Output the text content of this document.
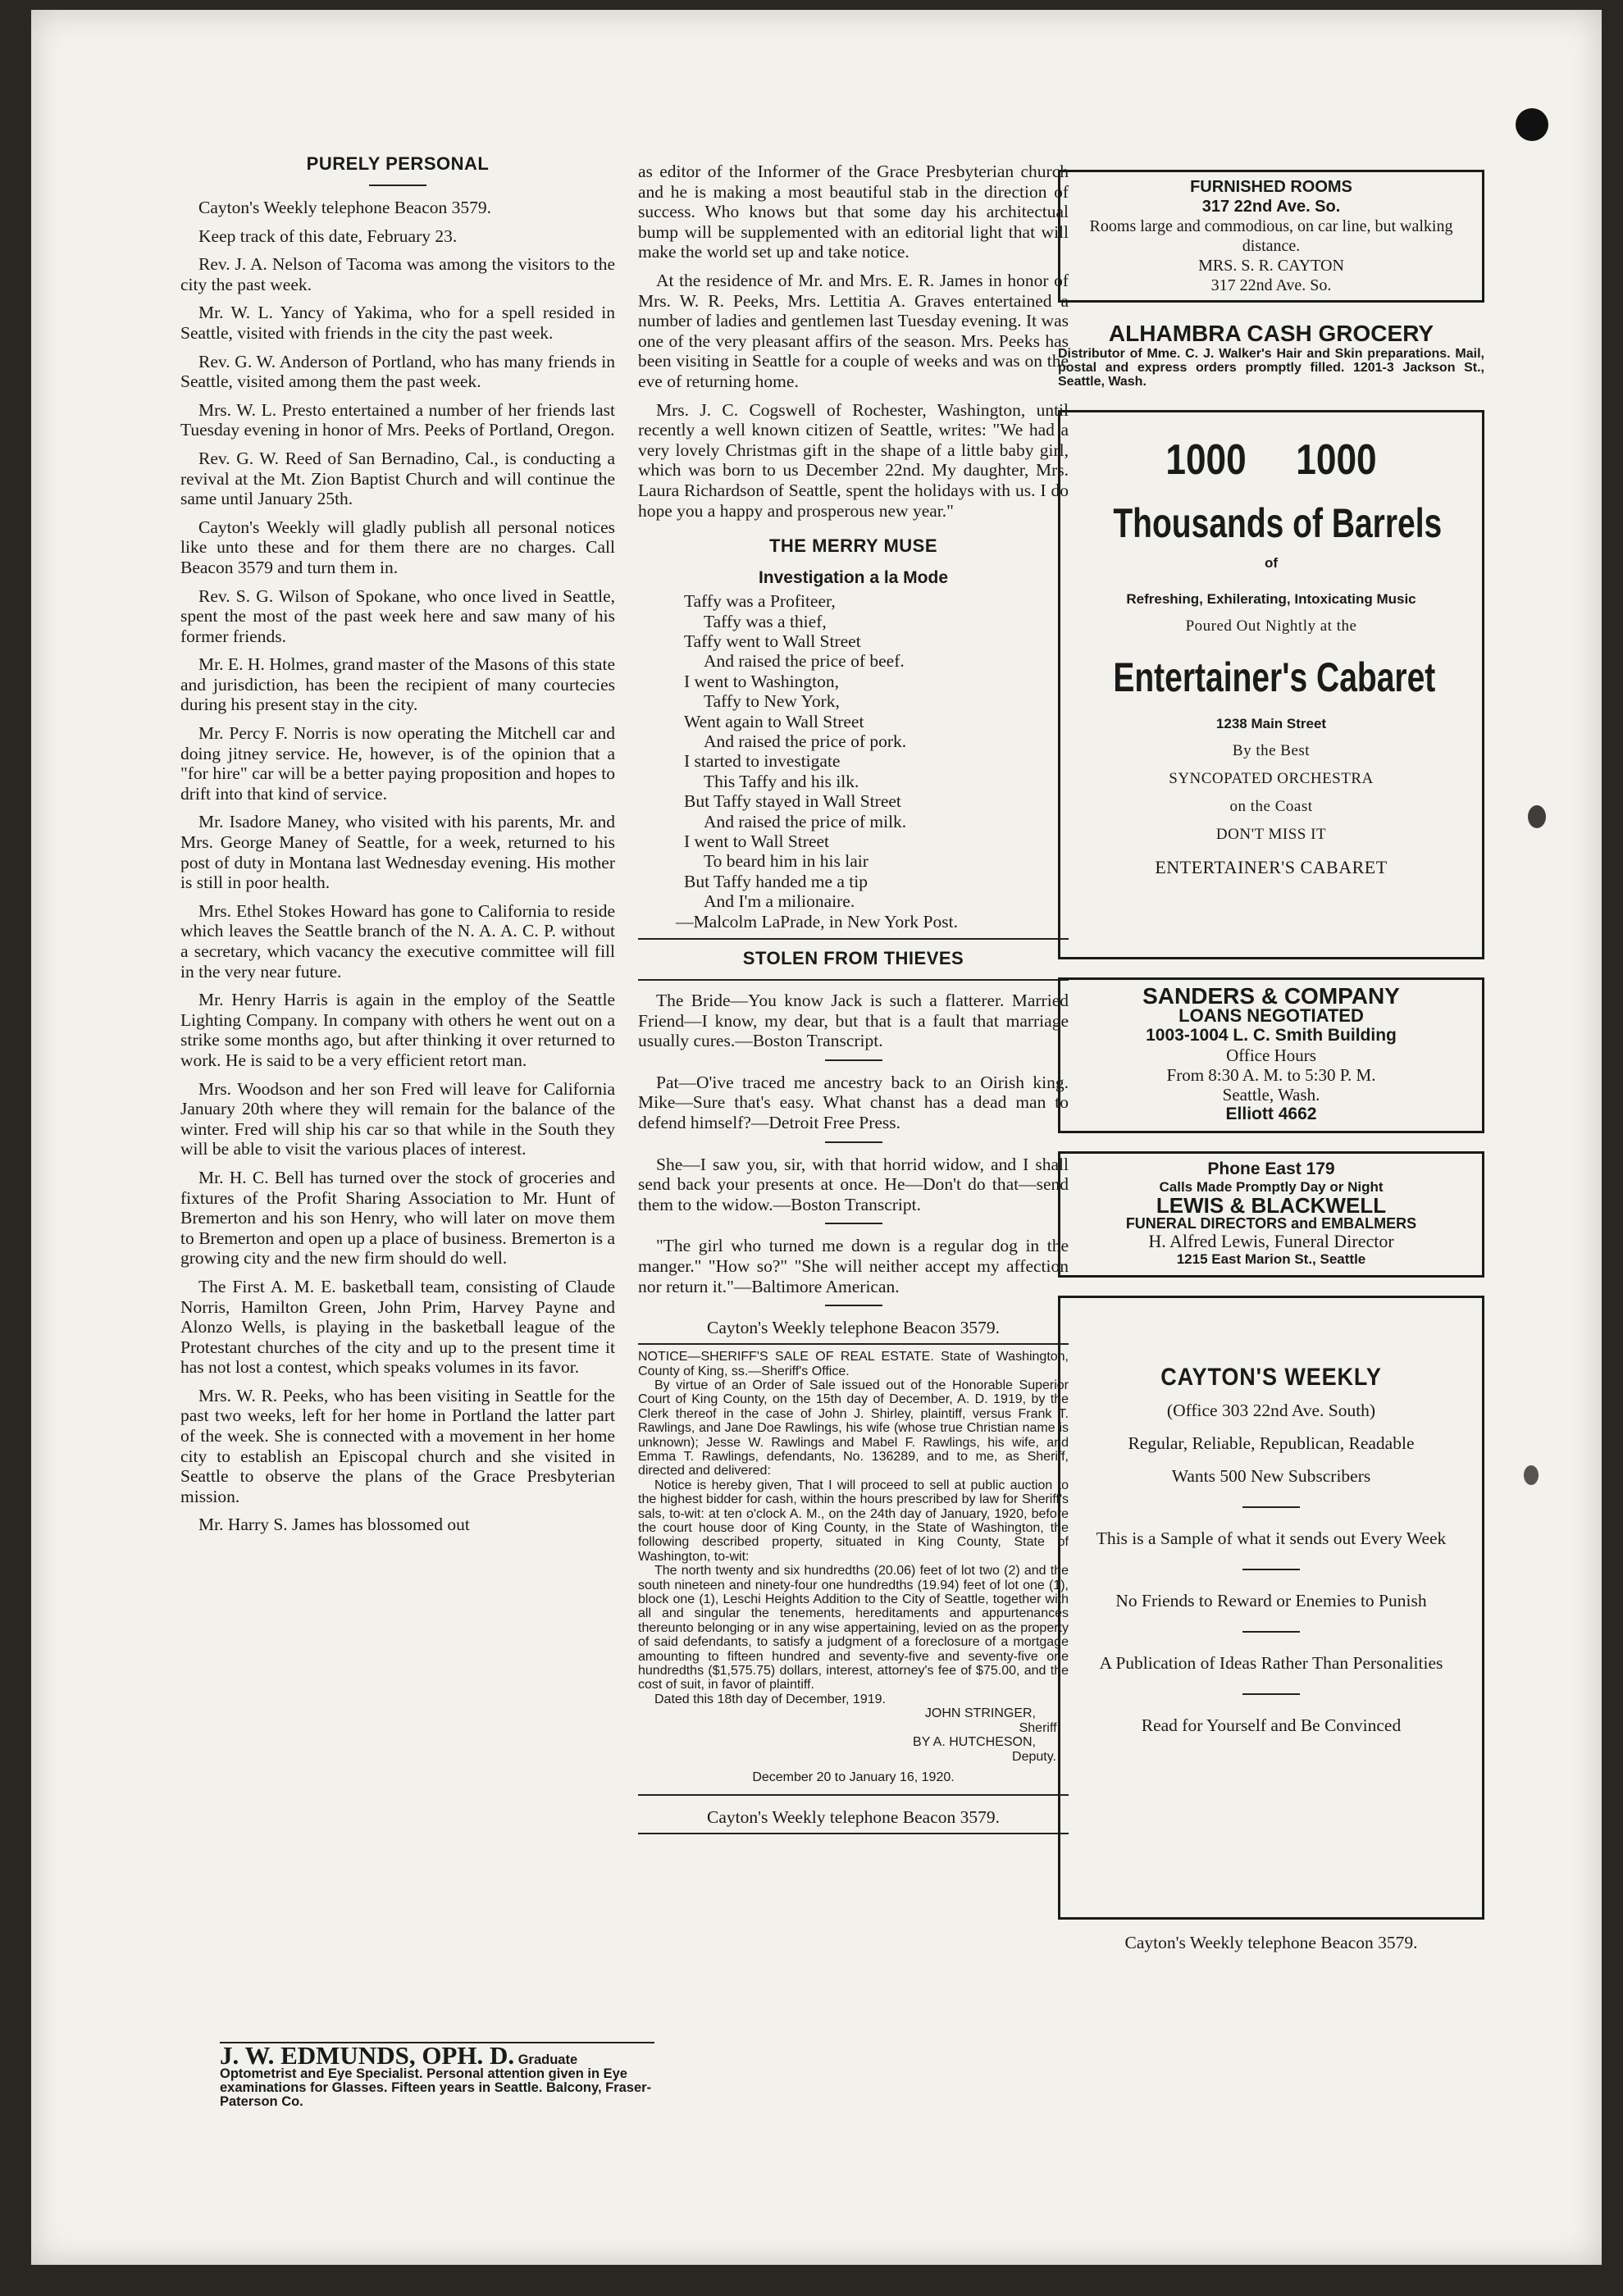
PURELY PERSONAL

Cayton's Weekly telephone Beacon 3579.

Keep track of this date, February 23.

Rev. J. A. Nelson of Tacoma was among the visitors to the city the past week.

Mr. W. L. Yancy of Yakima, who for a spell resided in Seattle, visited with friends in the city the past week.

Rev. G. W. Anderson of Portland, who has many friends in Seattle, visited among them the past week.

Mrs. W. L. Presto entertained a number of her friends last Tuesday evening in honor of Mrs. Peeks of Portland, Oregon.

Rev. G. W. Reed of San Bernadino, Cal., is conducting a revival at the Mt. Zion Baptist Church and will continue the same until January 25th.

Cayton's Weekly will gladly publish all personal notices like unto these and for them there are no charges. Call Beacon 3579 and turn them in.

Rev. S. G. Wilson of Spokane, who once lived in Seattle, spent the most of the past week here and saw many of his former friends.

Mr. E. H. Holmes, grand master of the Masons of this state and jurisdiction, has been the recipient of many courtecies during his present stay in the city.

Mr. Percy F. Norris is now operating the Mitchell car and doing jitney service. He, however, is of the opinion that a "for hire" car will be a better paying proposition and hopes to drift into that kind of service.

Mr. Isadore Maney, who visited with his parents, Mr. and Mrs. George Maney of Seattle, for a week, returned to his post of duty in Montana last Wednesday evening. His mother is still in poor health.

Mrs. Ethel Stokes Howard has gone to California to reside which leaves the Seattle branch of the N. A. A. C. P. without a secretary, which vacancy the executive committee will fill in the very near future.

Mr. Henry Harris is again in the employ of the Seattle Lighting Company. In company with others he went out on a strike some months ago, but after thinking it over returned to work. He is said to be a very efficient retort man.

Mrs. Woodson and her son Fred will leave for California January 20th where they will remain for the balance of the winter. Fred will ship his car so that while in the South they will be able to visit the various places of interest.

Mr. H. C. Bell has turned over the stock of groceries and fixtures of the Profit Sharing Association to Mr. Hunt of Bremerton and his son Henry, who will later on move them to Bremerton and open up a place of business. Bremerton is a growing city and the new firm should do well.

The First A. M. E. basketball team, consisting of Claude Norris, Hamilton Green, John Prim, Harvey Payne and Alonzo Wells, is playing in the basketball league of the Protestant churches of the city and up to the present time it has not lost a contest, which speaks volumes in its favor.

Mrs. W. R. Peeks, who has been visiting in Seattle for the past two weeks, left for her home in Portland the latter part of the week. She is connected with a movement in her home city to establish an Episcopal church and she visited in Seattle to observe the plans of the Grace Presbyterian mission.

Mr. Harry S. James has blossomed out

J. W. EDMUNDS, OPH. D. Graduate Optometrist and Eye Specialist. Personal attention given in Eye examinations for Glasses. Fifteen years in Seattle. Balcony, Fraser-Paterson Co.

as editor of the Informer of the Grace Presbyterian church and he is making a most beautiful stab in the direction of success. Who knows but that some day his architectual bump will be supplemented with an editorial light that will make the world set up and take notice.

At the residence of Mr. and Mrs. E. R. James in honor of Mrs. W. R. Peeks, Mrs. Lettitia A. Graves entertained a number of ladies and gentlemen last Tuesday evening. It was one of the very pleasant affirs of the season. Mrs. Peeks has been visiting in Seattle for a couple of weeks and was on the eve of returning home.

Mrs. J. C. Cogswell of Rochester, Washington, until recently a well known citizen of Seattle, writes: "We had a very lovely Christmas gift in the shape of a little baby girl, which was born to us December 22nd. My daughter, Mrs. Laura Richardson of Seattle, spent the holidays with us. I do hope you a happy and prosperous new year."

THE MERRY MUSE
Investigation a la Mode
Taffy was a Profiteer,
Taffy was a thief,
Taffy went to Wall Street
And raised the price of beef.
I went to Washington,
Taffy to New York,
Went again to Wall Street
And raised the price of pork.
I started to investigate
This Taffy and his ilk.
But Taffy stayed in Wall Street
And raised the price of milk.
I went to Wall Street
To beard him in his lair
But Taffy handed me a tip
And I'm a milionaire.
—Malcolm LaPrade, in New York Post.
STOLEN FROM THIEVES

The Bride—You know Jack is such a flatterer. Married Friend—I know, my dear, but that is a fault that marriage usually cures.—Boston Transcript.

Pat—O'ive traced me ancestry back to an Oirish king. Mike—Sure that's easy. What chanst has a dead man to defend himself?—Detroit Free Press.

She—I saw you, sir, with that horrid widow, and I shall send back your presents at once. He—Don't do that—send them to the widow.—Boston Transcript.

"The girl who turned me down is a regular dog in the manger." "How so?" "She will neither accept my affection nor return it."—Baltimore American.

Cayton's Weekly telephone Beacon 3579.
NOTICE—SHERIFF'S SALE OF REAL ESTATE. State of Washington, County of King, ss.—Sheriff's Office.
By virtue of an Order of Sale issued out of the Honorable Superior Court of King County, on the 15th day of December, A. D. 1919, by the Clerk thereof in the case of John J. Shirley, plaintiff, versus Frank T. Rawlings, and Jane Doe Rawlings, his wife (whose true Christian name is unknown); Jesse W. Rawlings and Mabel F. Rawlings, his wife, and Emma T. Rawlings, defendants, No. 136289, and to me, as Sheriff, directed and delivered:
Notice is hereby given, That I will proceed to sell at public auction to the highest bidder for cash, within the hours prescribed by law for Sheriff's sals, to-wit: at ten o'clock A. M., on the 24th day of January, 1920, before the court house door of King County, in the State of Washington, the following described property, situated in King County, State of Washington, to-wit:
The north twenty and six hundredths (20.06) feet of lot two (2) and the south nineteen and ninety-four one hundredths (19.94) feet of lot one (1), block one (1), Leschi Heights Addition to the City of Seattle, together with all and singular the tenements, hereditaments and appurtenances thereunto belonging or in any wise appertaining, levied on as the property of said defendants, to satisfy a judgment of a foreclosure of a mortgage amounting to fifteen hundred and seventy-five and seventy-five one hundredths ($1,575.75) dollars, interest, attorney's fee of $75.00, and the cost of suit, in favor of plaintiff.
Dated this 18th day of December, 1919.
JOHN STRINGER,
Sheriff.
BY A. HUTCHESON,
Deputy.
December 20 to January 16, 1920.
Cayton's Weekly telephone Beacon 3579.
FURNISHED ROOMS
317 22nd Ave. So.
Rooms large and commodious, on car line, but walking distance.
MRS. S. R. CAYTON
317 22nd Ave. So.
ALHAMBRA CASH GROCERY
Distributor of Mme. C. J. Walker's Hair and Skin preparations. Mail, postal and express orders promptly filled. 1201-3 Jackson St., Seattle, Wash.
1000 1000
Thousands of Barrels
of
Refreshing, Exhilerating, Intoxicating Music
Poured Out Nightly at the
Entertainer's Cabaret
1238 Main Street
By the Best
SYNCOPATED ORCHESTRA
on the Coast
DON'T MISS IT
ENTERTAINER'S CABARET
SANDERS & COMPANY
LOANS NEGOTIATED
1003-1004 L. C. Smith Building
Office Hours
From 8:30 A. M. to 5:30 P. M.
Seattle, Wash.
Elliott 4662
Phone East 179
Calls Made Promptly Day or Night
LEWIS & BLACKWELL
FUNERAL DIRECTORS and EMBALMERS
H. Alfred Lewis, Funeral Director
1215 East Marion St., Seattle
CAYTON'S WEEKLY
(Office 303 22nd Ave. South)
Regular, Reliable, Republican, Readable
Wants 500 New Subscribers
This is a Sample of what it sends out Every Week
No Friends to Reward or Enemies to Punish
A Publication of Ideas Rather Than Personalities
Read for Yourself and Be Convinced
Cayton's Weekly telephone Beacon 3579.
